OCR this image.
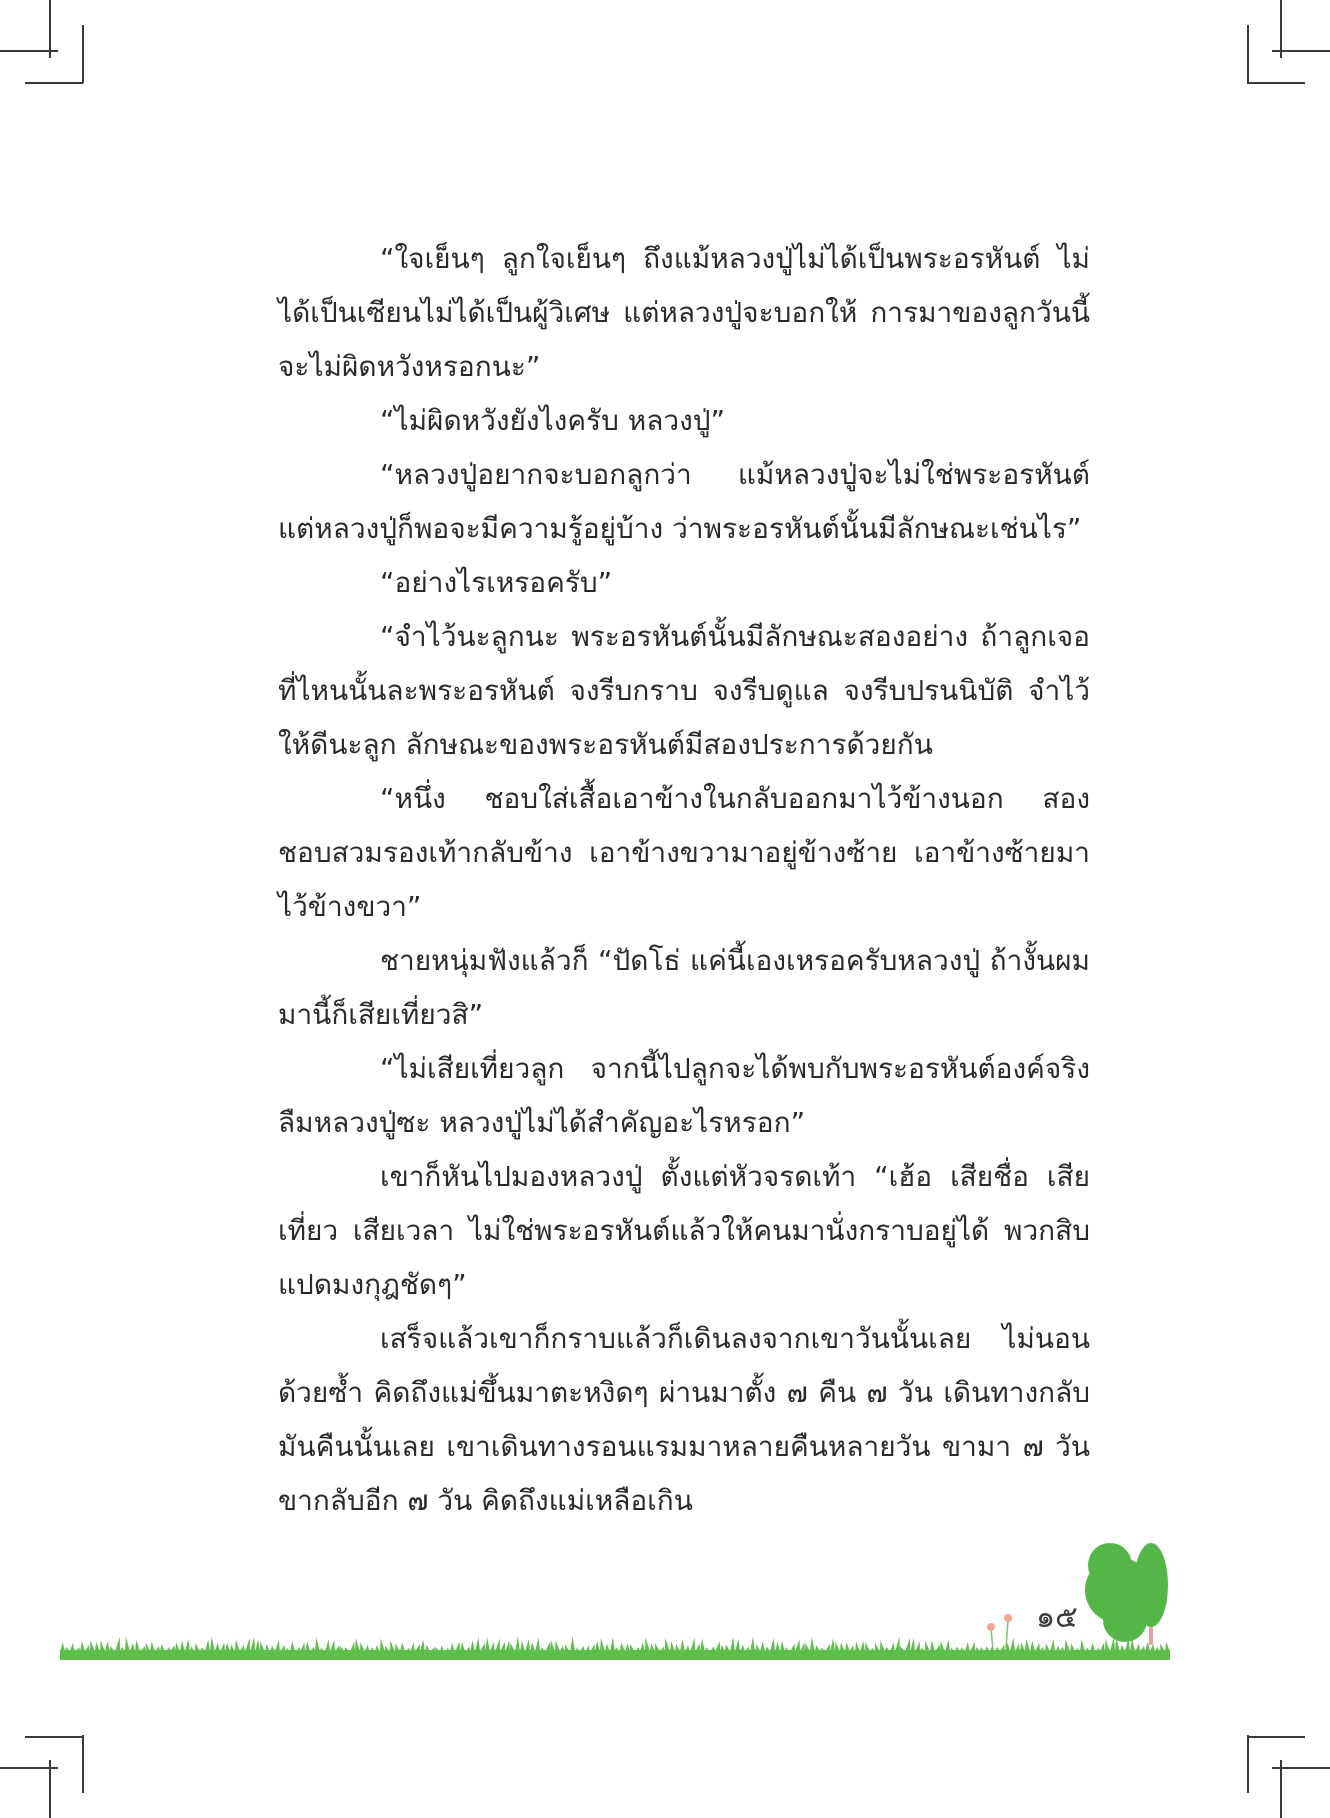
“ใจเย็นๆ ลูกใจเย็นๆ ถึงแม้หลวงปู่ไม่ได้เป็นพระอรหันต์ ไม่ได้เป็นเซียนไม่ได้เป็นผู้วิเศษ แต่หลวงปู่จะบอกให้ การมาของลูกวันนี้จะไม่ผิดหวังหรอกนะ”

“ไม่ผิดหวังยังไงครับ หลวงปู่”

“หลวงปู่อยากจะบอกลูกว่า แม้หลวงปู่จะไม่ใช่พระอรหันต์ แต่หลวงปู่ก็พอจะมีความรู้อยู่บ้าง ว่าพระอรหันต์นั้นมีลักษณะเช่นไร”

“อย่างไรเหรอครับ”

“จำไว้นะลูกนะ พระอรหันต์นั้นมีลักษณะสองอย่าง ถ้าลูกเจอที่ไหนนั้นละพระอรหันต์ จงรีบกราบ จงรีบดูแล จงรีบปรนนิบัติ จำไว้ให้ดีนะลูก ลักษณะของพระอรหันต์มีสองประการด้วยกัน

“หนึ่ง ชอบใส่เสื้อเอาข้างในกลับออกมาไว้ข้างนอก สอง ชอบสวมรองเท้ากลับข้าง เอาข้างขวามาอยู่ข้างซ้าย เอาข้างซ้ายมาไว้ข้างขวา”

ชายหนุ่มฟังแล้วก็ “ปัดโธ่ แค่นี้เองเหรอครับหลวงปู่ ถ้างั้นผมมานี้ก็เสียเที่ยวสิ”

“ไม่เสียเที่ยวลูก จากนี้ไปลูกจะได้พบกับพระอรหันต์องค์จริง ลืมหลวงปู่ซะ หลวงปู่ไม่ได้สำคัญอะไรหรอก”

เขาก็หันไปมองหลวงปู่ ตั้งแต่หัวจรดเท้า “เฮ้อ เสียชื่อ เสียเที่ยว เสียเวลา ไม่ใช่พระอรหันต์แล้วให้คนมานั่งกราบอยู่ได้ พวกสิบแปดมงกุฎชัดๆ”

เสร็จแล้วเขาก็กราบแล้วก็เดินลงจากเขาวันนั้นเลย ไม่นอนด้วยซ้ำ คิดถึงแม่ขึ้นมาตะหงิดๆ ผ่านมาตั้ง ๗ คืน ๗ วัน เดินทางกลับมันคืนนั้นเลย เขาเดินทางรอนแรมมาหลายคืนหลายวัน ขามา ๗ วัน ขากลับอีก ๗ วัน คิดถึงแม่เหลือเกิน

๑๕
